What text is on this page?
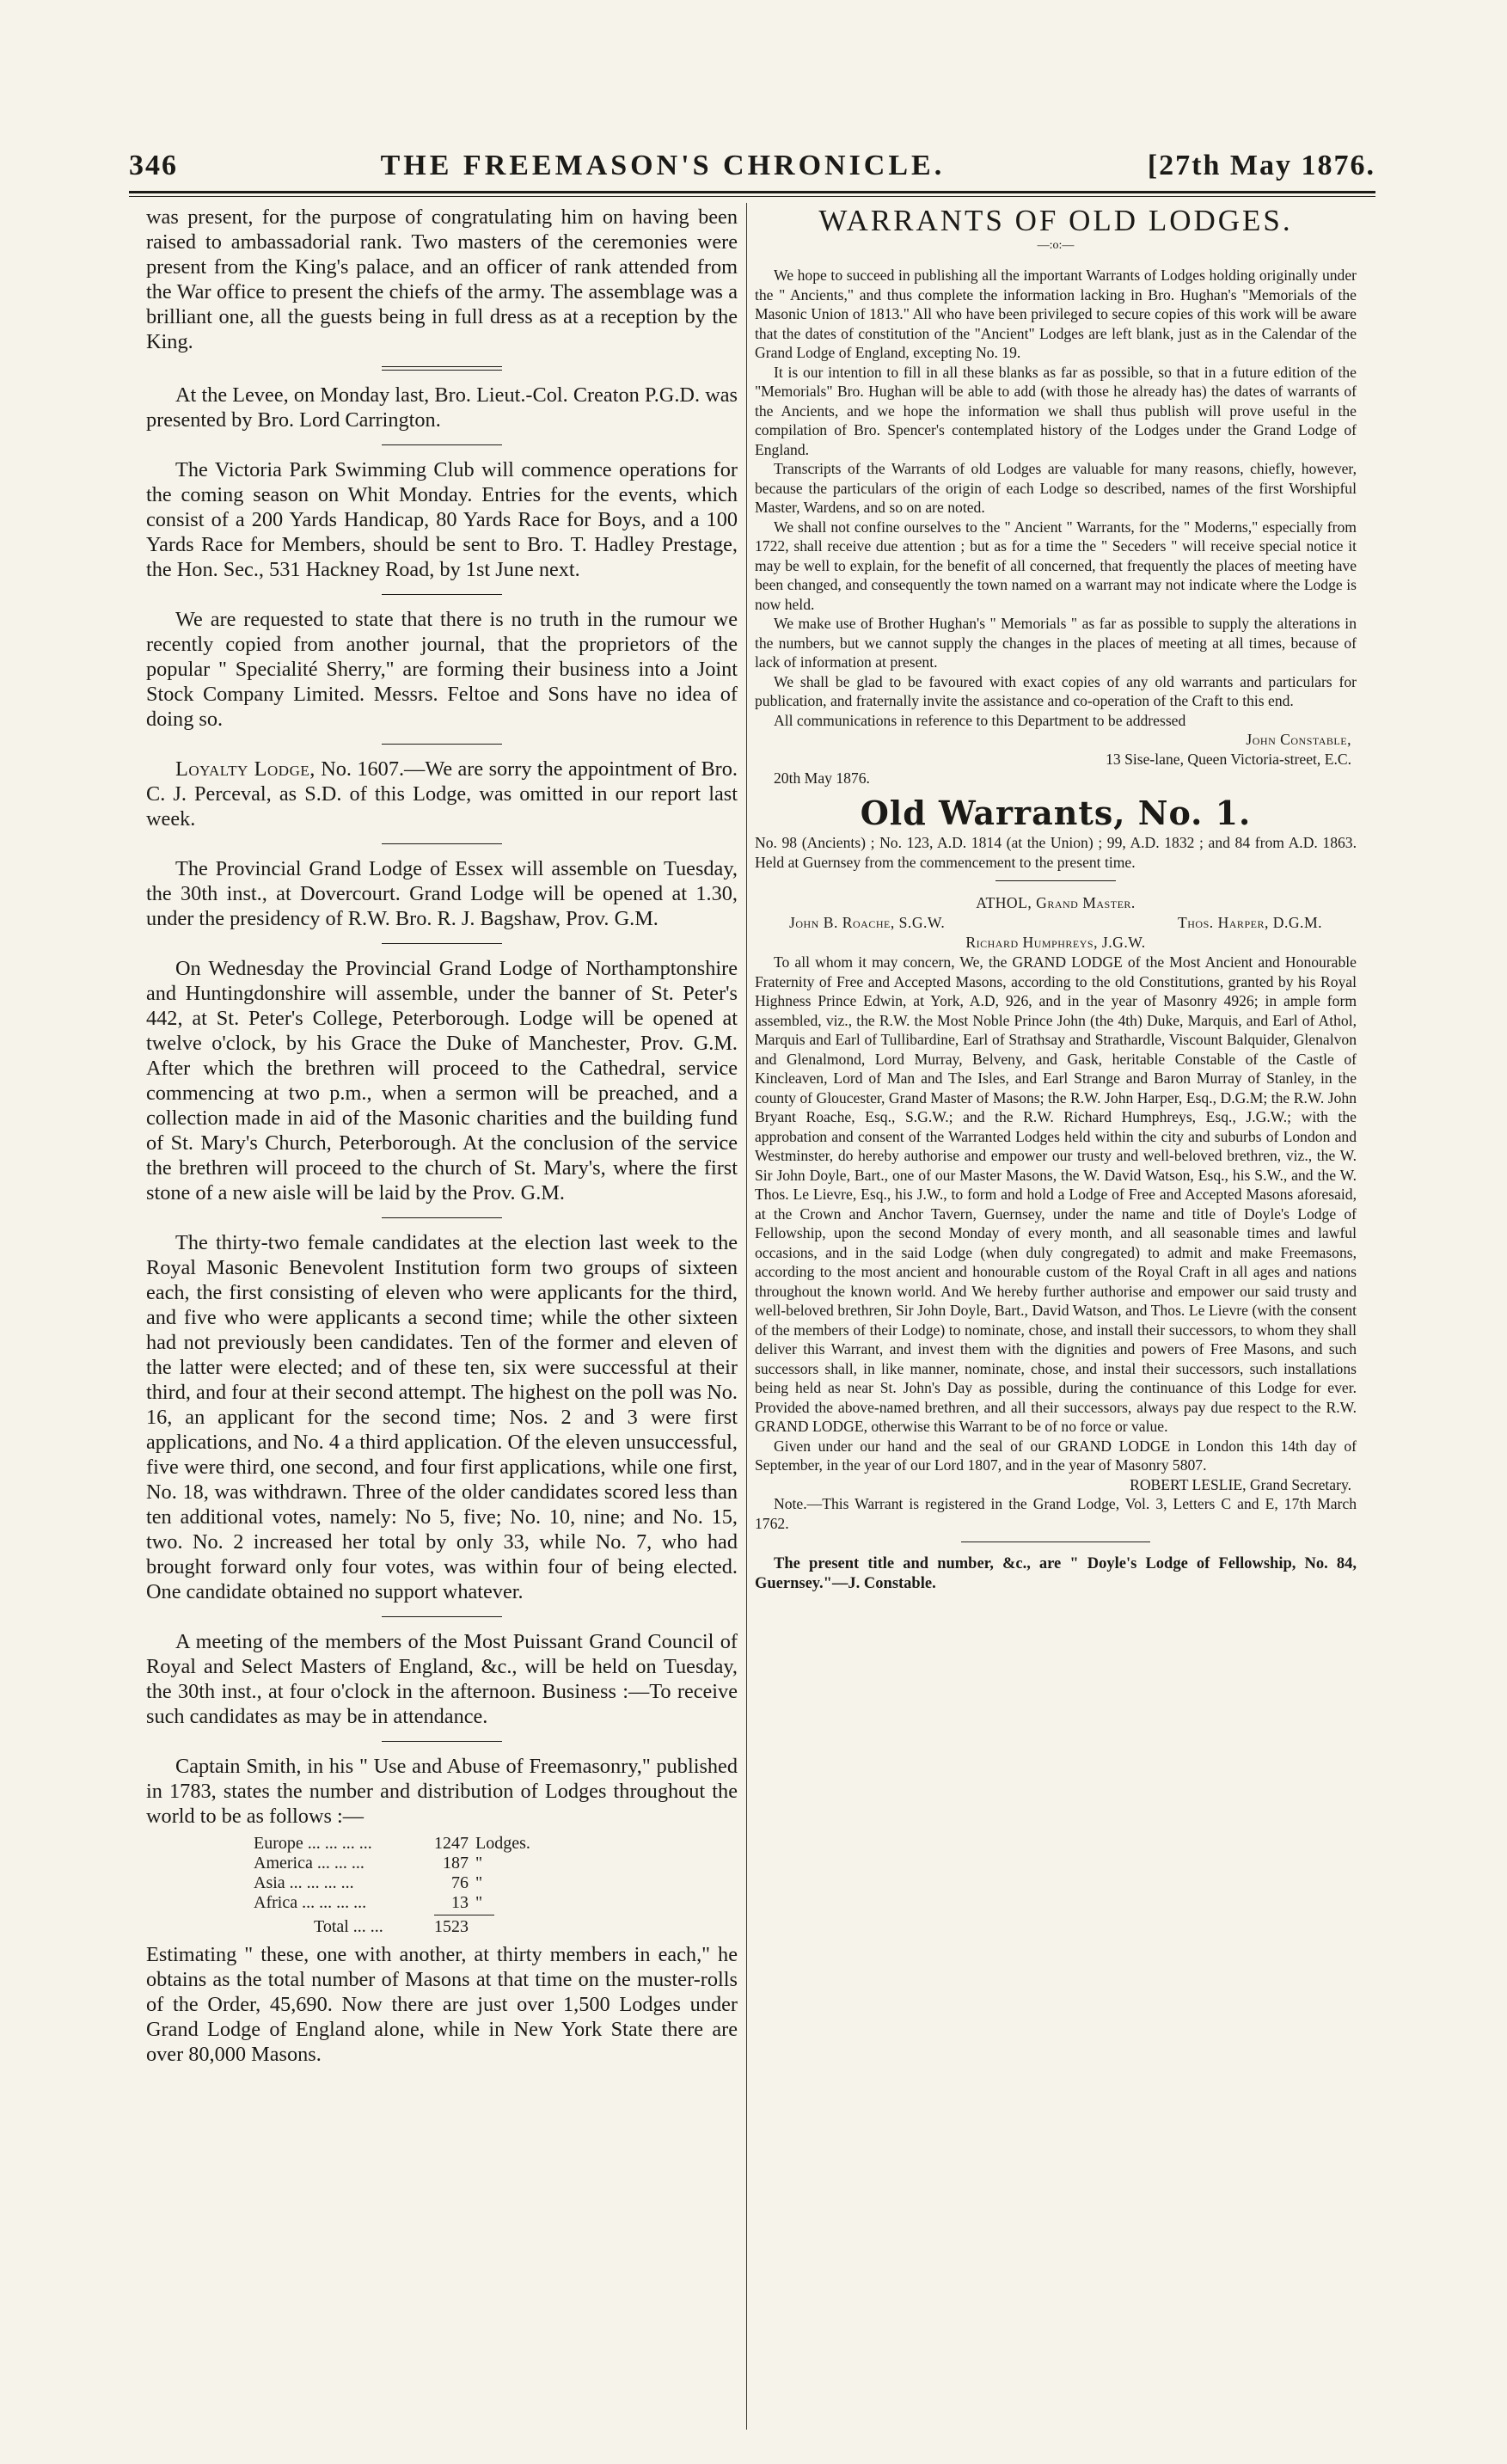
346	THE FREEMASON'S CHRONICLE.	[27th May 1876.

was present, for the purpose of congratulating him on having been raised to ambassadorial rank. Two masters of the ceremonies were present from the King's palace, and an officer of rank attended from the War office to present the chiefs of the army. The assemblage was a brilliant one, all the guests being in full dress as at a reception by the King.

At the Levee, on Monday last, Bro. Lieut.-Col. Creaton P.G.D. was presented by Bro. Lord Carrington.

The Victoria Park Swimming Club will commence operations for the coming season on Whit Monday. Entries for the events, which consist of a 200 Yards Handicap, 80 Yards Race for Boys, and a 100 Yards Race for Members, should be sent to Bro. T. Hadley Prestage, the Hon. Sec., 531 Hackney Road, by 1st June next.

We are requested to state that there is no truth in the rumour we recently copied from another journal, that the proprietors of the popular " Specialité Sherry," are forming their business into a Joint Stock Company Limited. Messrs. Feltoe and Sons have no idea of doing so.

Loyalty Lodge, No. 1607.—We are sorry the appointment of Bro. C. J. Perceval, as S.D. of this Lodge, was omitted in our report last week.

The Provincial Grand Lodge of Essex will assemble on Tuesday, the 30th inst., at Dovercourt. Grand Lodge will be opened at 1.30, under the presidency of R.W. Bro. R. J. Bagshaw, Prov. G.M.

On Wednesday the Provincial Grand Lodge of Northamptonshire and Huntingdonshire will assemble, under the banner of St. Peter's 442, at St. Peter's College, Peterborough. Lodge will be opened at twelve o'clock, by his Grace the Duke of Manchester, Prov. G.M. After which the brethren will proceed to the Cathedral, service commencing at two p.m., when a sermon will be preached, and a collection made in aid of the Masonic charities and the building fund of St. Mary's Church, Peterborough. At the conclusion of the service the brethren will proceed to the church of St. Mary's, where the first stone of a new aisle will be laid by the Prov. G.M.

The thirty-two female candidates at the election last week to the Royal Masonic Benevolent Institution form two groups of sixteen each, the first consisting of eleven who were applicants for the third, and five who were applicants a second time; while the other sixteen had not previously been candidates. Ten of the former and eleven of the latter were elected; and of these ten, six were successful at their third, and four at their second attempt. The highest on the poll was No. 16, an applicant for the second time; Nos. 2 and 3 were first applications, and No. 4 a third application. Of the eleven unsuccessful, five were third, one second, and four first applications, while one first, No. 18, was withdrawn. Three of the older candidates scored less than ten additional votes, namely: No 5, five; No. 10, nine; and No. 15, two. No. 2 increased her total by only 33, while No. 7, who had brought forward only four votes, was within four of being elected. One candidate obtained no support whatever.

A meeting of the members of the Most Puissant Grand Council of Royal and Select Masters of England, &c., will be held on Tuesday, the 30th inst., at four o'clock in the afternoon. Business :—To receive such candidates as may be in attendance.

Captain Smith, in his " Use and Abuse of Freemasonry," published in 1783, states the number and distribution of Lodges throughout the world to be as follows :—

Europe ... ... ... ...	1247 Lodges.
America ... ... ...	187 "
Asia ... ... ... ...	76 "
Africa ... ... ... ...	13 "
Total ... ...	1523

Estimating " these, one with another, at thirty members in each," he obtains as the total number of Masons at that time on the muster-rolls of the Order, 45,690. Now there are just over 1,500 Lodges under Grand Lodge of England alone, while in New York State there are over 80,000 Masons.

WARRANTS OF OLD LODGES.
—:o:—

We hope to succeed in publishing all the important Warrants of Lodges holding originally under the " Ancients," and thus complete the information lacking in Bro. Hughan's "Memorials of the Masonic Union of 1813." All who have been privileged to secure copies of this work will be aware that the dates of constitution of the "Ancient" Lodges are left blank, just as in the Calendar of the Grand Lodge of England, excepting No. 19.

It is our intention to fill in all these blanks as far as possible, so that in a future edition of the "Memorials" Bro. Hughan will be able to add (with those he already has) the dates of warrants of the Ancients, and we hope the information we shall thus publish will prove useful in the compilation of Bro. Spencer's contemplated history of the Lodges under the Grand Lodge of England.

Transcripts of the Warrants of old Lodges are valuable for many reasons, chiefly, however, because the particulars of the origin of each Lodge so described, names of the first Worshipful Master, Wardens, and so on are noted.

We shall not confine ourselves to the " Ancient " Warrants, for the " Moderns," especially from 1722, shall receive due attention ; but as for a time the " Seceders " will receive special notice it may be well to explain, for the benefit of all concerned, that frequently the places of meeting have been changed, and consequently the town named on a warrant may not indicate where the Lodge is now held.

We make use of Brother Hughan's " Memorials " as far as possible to supply the alterations in the numbers, but we cannot supply the changes in the places of meeting at all times, because of lack of information at present.

We shall be glad to be favoured with exact copies of any old warrants and particulars for publication, and fraternally invite the assistance and co-operation of the Craft to this end.

All communications in reference to this Department to be addressed

John Constable,

13 Sise-lane, Queen Victoria-street, E.C.

20th May 1876.

Old Warrants, No. 1.

No. 98 (Ancients) ; No. 123, A.D. 1814 (at the Union) ; 99, A.D. 1832 ; and 84 from A.D. 1863. Held at Guernsey from the commencement to the present time.

ATHOL, Grand Master.
John B. Roache, S.G.W.	Thos. Harper, D.G.M.
Richard Humphreys, J.G.W.

To all whom it may concern, We, the GRAND LODGE of the Most Ancient and Honourable Fraternity of Free and Accepted Masons, according to the old Constitutions, granted by his Royal Highness Prince Edwin, at York, A.D, 926, and in the year of Masonry 4926; in ample form assembled, viz., the R.W. the Most Noble Prince John (the 4th) Duke, Marquis, and Earl of Athol, Marquis and Earl of Tullibardine, Earl of Strathsay and Strathardle, Viscount Balquider, Glenalvon and Glenalmond, Lord Murray, Belveny, and Gask, heritable Constable of the Castle of Kincleaven, Lord of Man and The Isles, and Earl Strange and Baron Murray of Stanley, in the county of Gloucester, Grand Master of Masons; the R.W. John Harper, Esq., D.G.M; the R.W. John Bryant Roache, Esq., S.G.W.; and the R.W. Richard Humphreys, Esq., J.G.W.; with the approbation and consent of the Warranted Lodges held within the city and suburbs of London and Westminster, do hereby authorise and empower our trusty and well-beloved brethren, viz., the W. Sir John Doyle, Bart., one of our Master Masons, the W. David Watson, Esq., his S.W., and the W. Thos. Le Lievre, Esq., his J.W., to form and hold a Lodge of Free and Accepted Masons aforesaid, at the Crown and Anchor Tavern, Guernsey, under the name and title of Doyle's Lodge of Fellowship, upon the second Monday of every month, and all seasonable times and lawful occasions, and in the said Lodge (when duly congregated) to admit and make Freemasons, according to the most ancient and honourable custom of the Royal Craft in all ages and nations throughout the known world. And We hereby further authorise and empower our said trusty and well-beloved brethren, Sir John Doyle, Bart., David Watson, and Thos. Le Lievre (with the consent of the members of their Lodge) to nominate, chose, and install their successors, to whom they shall deliver this Warrant, and invest them with the dignities and powers of Free Masons, and such successors shall, in like manner, nominate, chose, and instal their successors, such installations being held as near St. John's Day as possible, during the continuance of this Lodge for ever. Provided the above-named brethren, and all their successors, always pay due respect to the R.W. GRAND LODGE, otherwise this Warrant to be of no force or value.

Given under our hand and the seal of our GRAND LODGE in London this 14th day of September, in the year of our Lord 1807, and in the year of Masonry 5807.

ROBERT LESLIE, Grand Secretary.

Note.—This Warrant is registered in the Grand Lodge, Vol. 3, Letters C and E, 17th March 1762.

The present title and number, &c., are " Doyle's Lodge of Fellowship, No. 84, Guernsey."—J. Constable.
